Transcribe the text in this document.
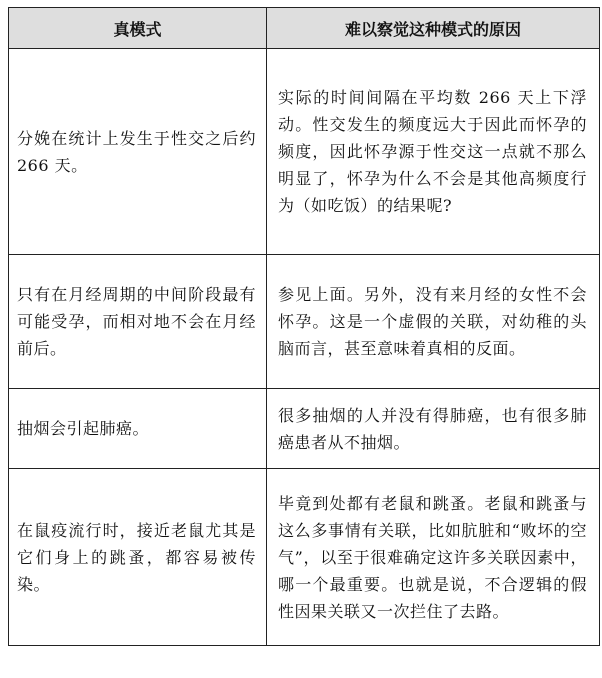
真模式	难以察觉这种模式的原因
分娩在统计上发生于性交之后约 266 天。	实际的时间间隔在平均数 266 天上下浮动。性交发生的频度远大于因此而怀孕的频度，因此怀孕源于性交这一点就不那么明显了，怀孕为什么不会是其他高频度行为（如吃饭）的结果呢?
只有在月经周期的中间阶段最有可能受孕，而相对地不会在月经前后。	参见上面。另外，没有来月经的女性不会怀孕。这是一个虚假的关联，对幼稚的头脑而言，甚至意味着真相的反面。
抽烟会引起肺癌。	很多抽烟的人并没有得肺癌，也有很多肺癌患者从不抽烟。
在鼠疫流行时，接近老鼠尤其是它们身上的跳蚤，都容易被传染。	毕竟到处都有老鼠和跳蚤。老鼠和跳蚤与这么多事情有关联，比如肮脏和“败坏的空气”，以至于很难确定这许多关联因素中，哪一个最重要。也就是说，不合逻辑的假性因果关联又一次拦住了去路。
